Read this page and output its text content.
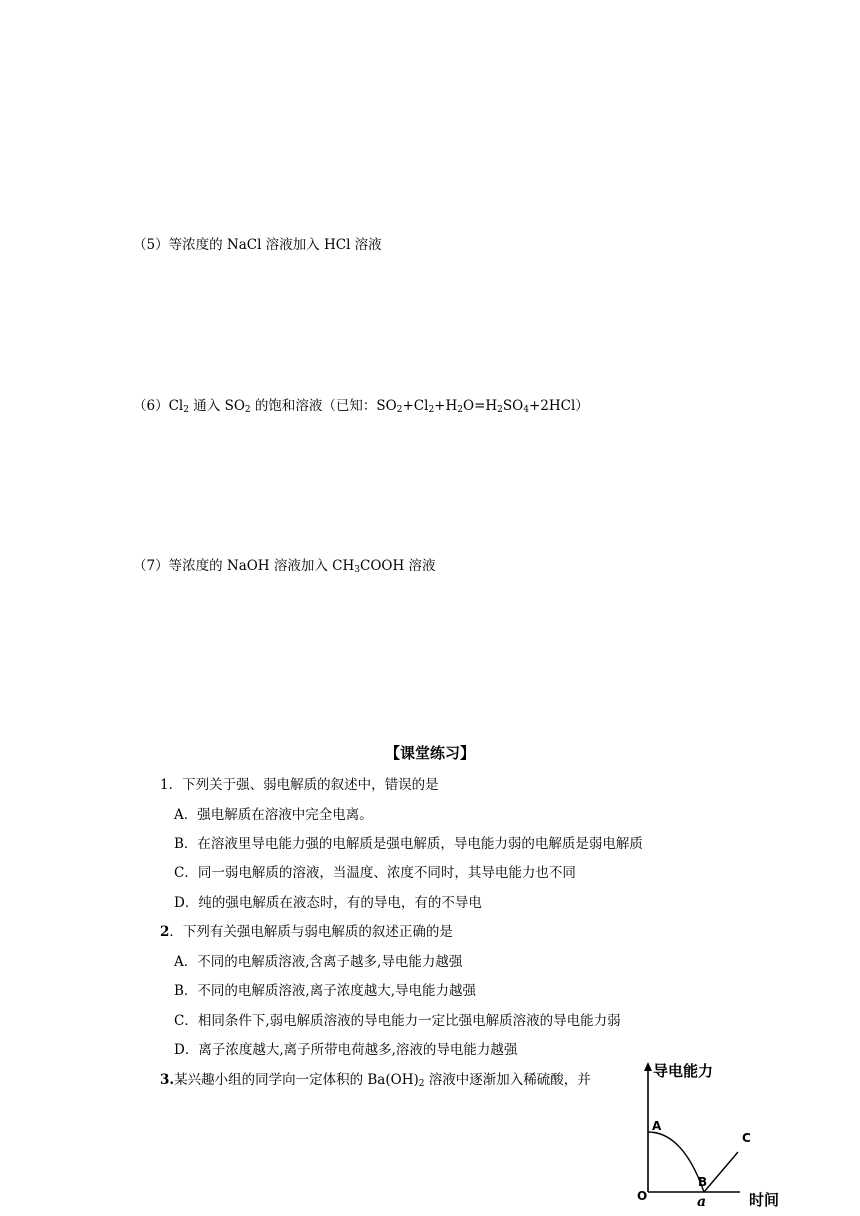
（5）等浓度的 NaCl 溶液加入 HCl 溶液
$(6)Cl_2$ 通入 $SO_2$ 的饱和溶液（已知：$SO_2+Cl_2+H_2O=H_2SO_4+2HCl$）
（7）等浓度的 NaOH 溶液加入 $CH_3COOH$ 溶液
【课堂练习】
1．下列关于强、弱电解质的叙述中，错误的是
A．强电解质在溶液中完全电离。
B．在溶液里导电能力强的电解质是强电解质，导电能力弱的电解质是弱电解质
C．同一弱电解质的溶液，当温度、浓度不同时，其导电能力也不同
D．纯的强电解质在液态时，有的导电，有的不导电
2．下列有关强电解质与弱电解质的叙述正确的是
A．不同的电解质溶液,含离子越多,导电能力越强
B．不同的电解质溶液,离子浓度越大,导电能力越强
C．相同条件下,弱电解质溶液的导电能力一定比强电解质溶液的导电能力弱
D．离子浓度越大,离子所带电荷越多,溶液的导电能力越强
3.某兴趣小组的同学向一定体积的 $Ba(OH)_2$ 溶液中逐渐加入稀硫酸，并	导电能力
时间
O
A
B
C
a
